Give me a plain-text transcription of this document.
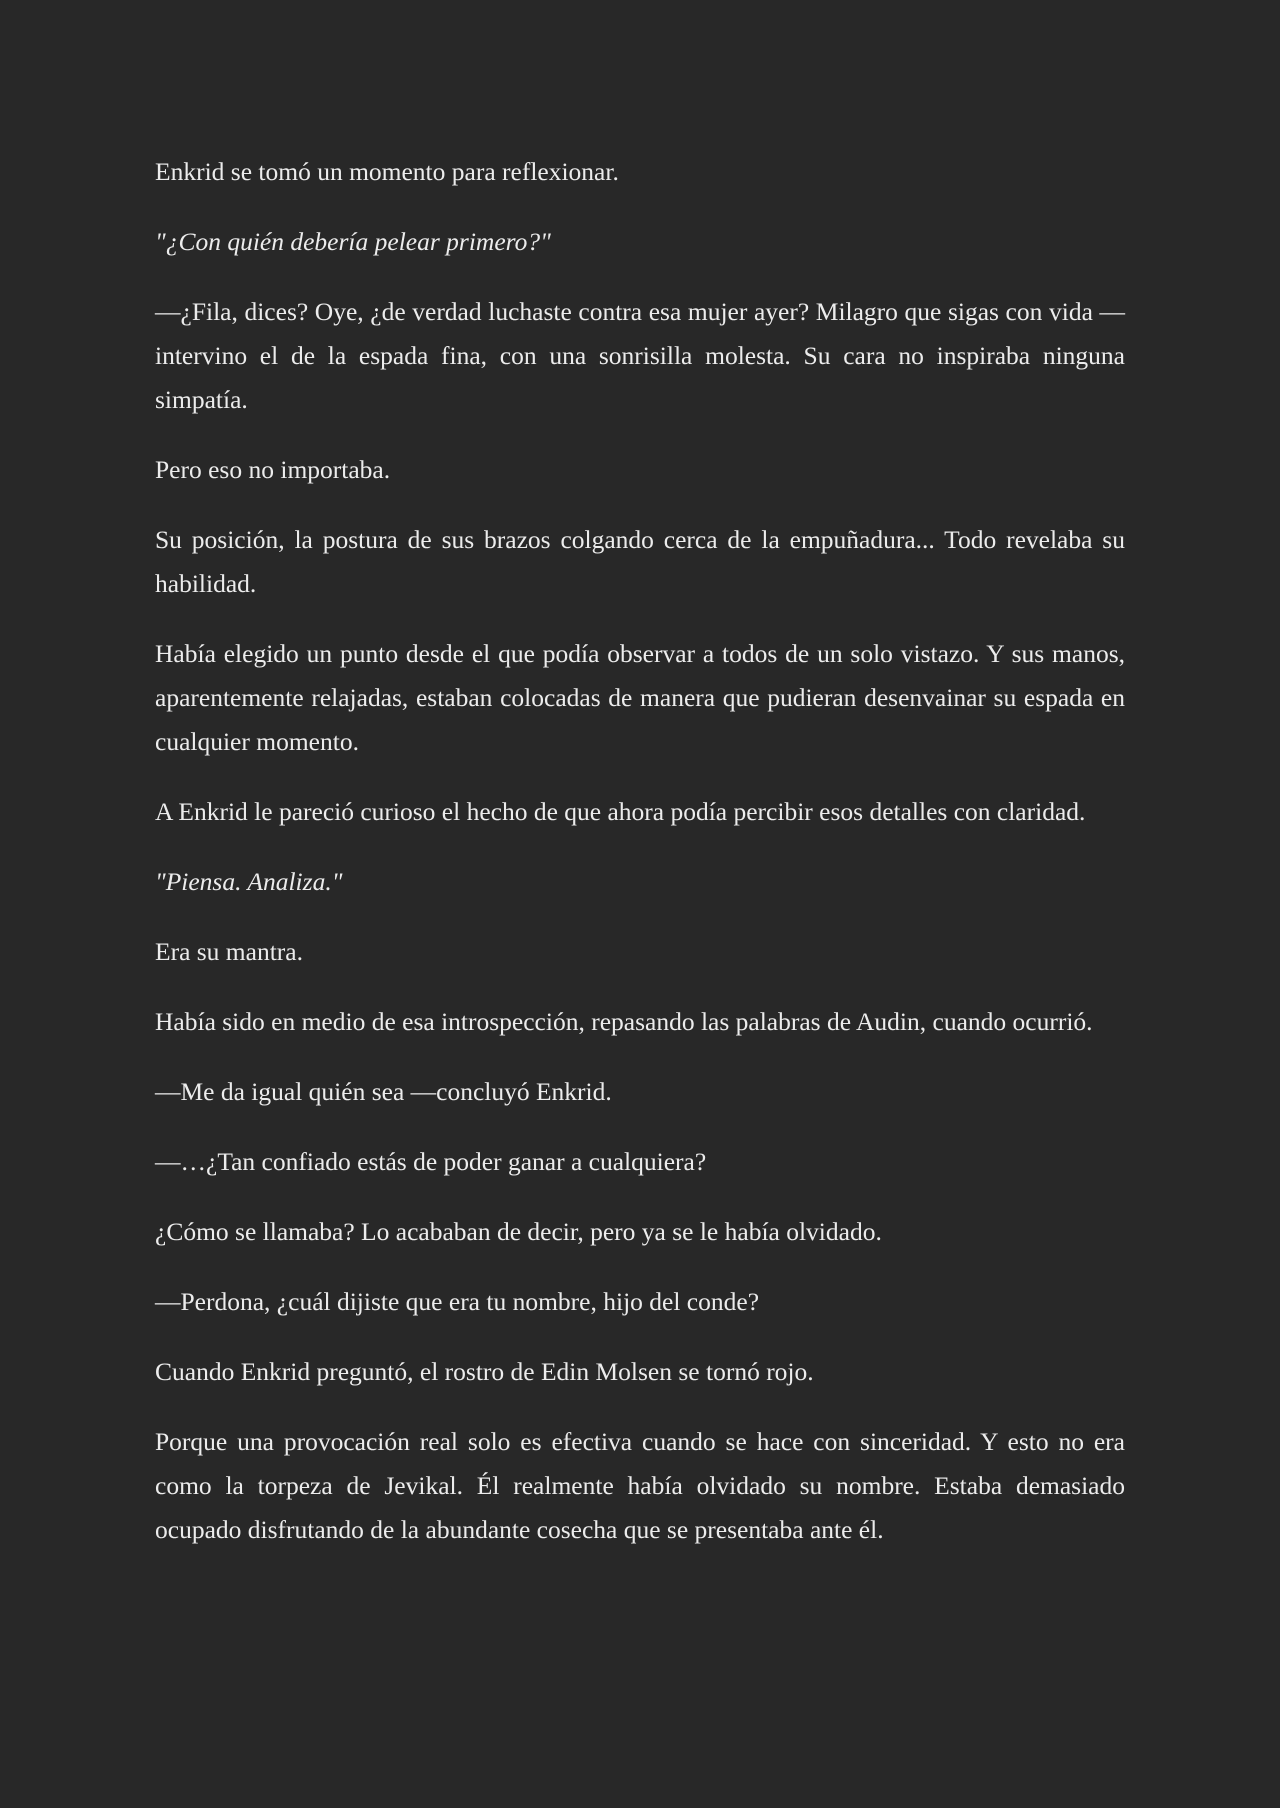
Enkrid se tomó un momento para reflexionar.

"¿Con quién debería pelear primero?"

—¿Fila, dices? Oye, ¿de verdad luchaste contra esa mujer ayer? Milagro que sigas con vida —intervino el de la espada fina, con una sonrisilla molesta. Su cara no inspiraba ninguna simpatía.

Pero eso no importaba.

Su posición, la postura de sus brazos colgando cerca de la empuñadura... Todo revelaba su habilidad.

Había elegido un punto desde el que podía observar a todos de un solo vistazo. Y sus manos, aparentemente relajadas, estaban colocadas de manera que pudieran desenvainar su espada en cualquier momento.

A Enkrid le pareció curioso el hecho de que ahora podía percibir esos detalles con claridad.

"Piensa. Analiza."

Era su mantra.

Había sido en medio de esa introspección, repasando las palabras de Audin, cuando ocurrió.

—Me da igual quién sea —concluyó Enkrid.

—…¿Tan confiado estás de poder ganar a cualquiera?

¿Cómo se llamaba? Lo acababan de decir, pero ya se le había olvidado.

—Perdona, ¿cuál dijiste que era tu nombre, hijo del conde?

Cuando Enkrid preguntó, el rostro de Edin Molsen se tornó rojo.

Porque una provocación real solo es efectiva cuando se hace con sinceridad. Y esto no era como la torpeza de Jevikal. Él realmente había olvidado su nombre. Estaba demasiado ocupado disfrutando de la abundante cosecha que se presentaba ante él.
